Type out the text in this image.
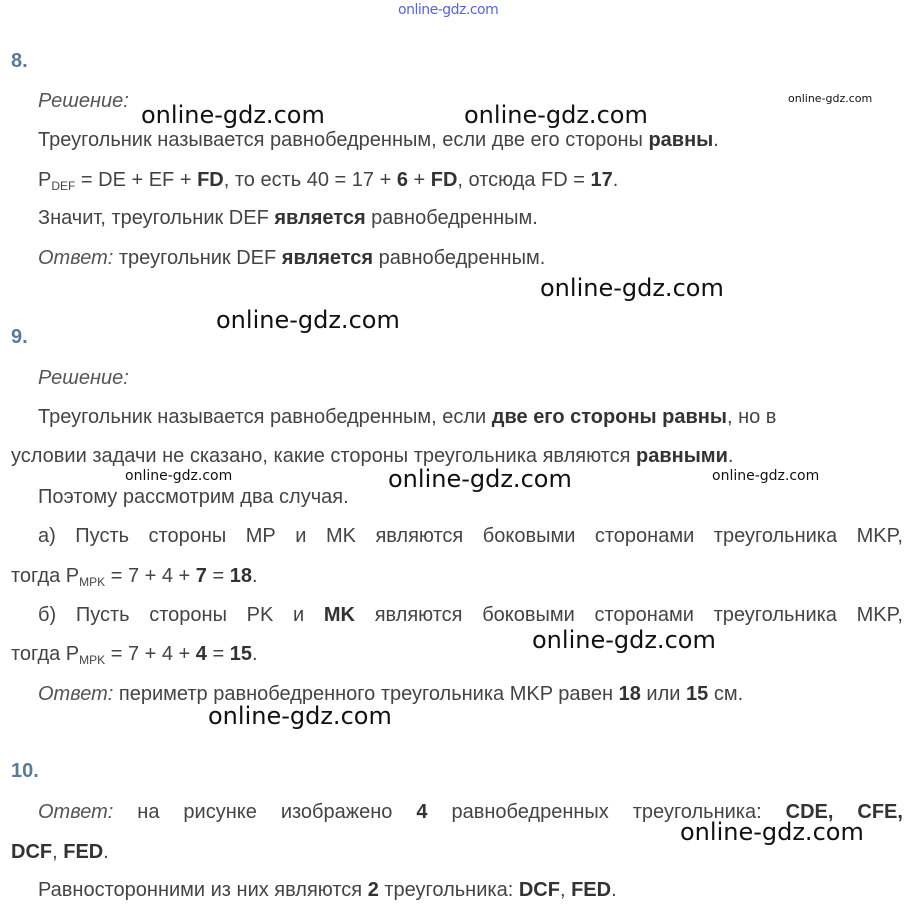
online-gdz.com
8.
Решение:
Треугольник называется равнобедренным, если две его стороны равны.
$P_{DEF}$ = DE + EF + FD, то есть 40 = 17 + 6 + FD, отсюда FD = 17.
Значит, треугольник DEF является равнобедренным.
Ответ: треугольник DEF является равнобедренным.
9.
Решение:
Треугольник называется равнобедренным, если две его стороны равны, но в
условии задачи не сказано, какие стороны треугольника являются равными.
Поэтому рассмотрим два случая.
а) Пусть стороны MP и MK являются боковыми сторонами треугольника MKP,
тогда $P_{MPK} = 7 + 4 + 7 = 18$.
б) Пусть стороны PK и MK являются боковыми сторонами треугольника MKP,
тогда $P_{MPK} = 7 + 4 + 4 = 15$.
Ответ: периметр равнобедренного треугольника MKP равен 18 или 15 см.
10.
Ответ: на рисунке изображено 4 равнобедренных треугольника: CDE, CFE,
DCF, FED.
Равносторонними из них являются 2 треугольника: DCF, FED.
online-gdz.com	online-gdz.com
online-gdz.com
online-gdz.com
online-gdz.com
online-gdz.com	online-gdz.com	online-gdz.com
online-gdz.com
online-gdz.com
online-gdz.com
